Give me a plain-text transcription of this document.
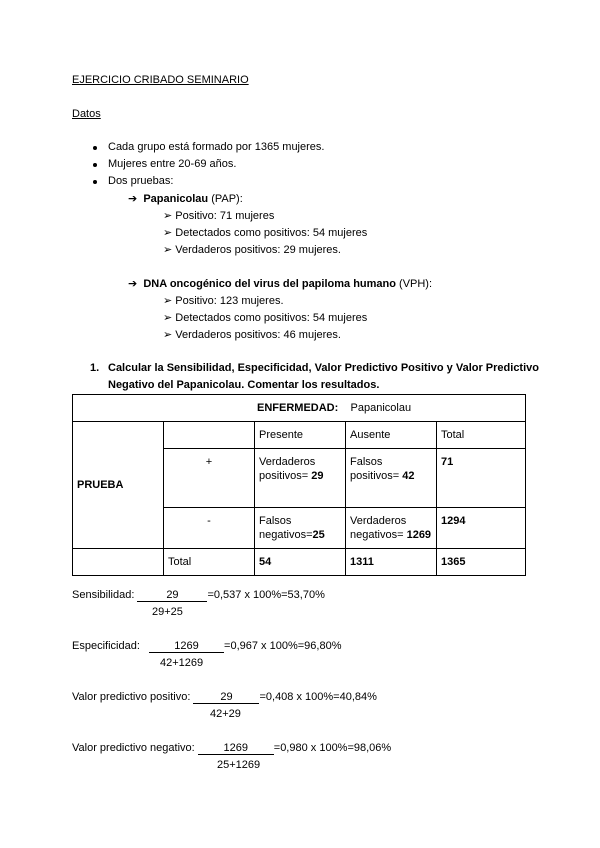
EJERCICIO CRIBADO SEMINARIO
Datos
Cada grupo está formado por 1365 mujeres.
Mujeres entre 20-69 años.
Dos pruebas:
➔ Papanicolau (PAP):
➢ Positivo: 71 mujeres
➢ Detectados como positivos: 54 mujeres
➢ Verdaderos positivos: 29 mujeres.
➔ DNA oncogénico del virus del papiloma humano (VPH):
➢ Positivo: 123 mujeres.
➢ Detectados como positivos: 54 mujeres
➢ Verdaderos positivos: 46 mujeres.
1. Calcular la Sensibilidad, Especificidad, Valor Predictivo Positivo y Valor Predictivo
Negativo del Papanicolau. Comentar los resultados.
ENFERMEDAD: Papanicolau				
PRUEBA		Presente	Ausente	Total
	+	Verdaderos positivos= 29	Falsos positivos= 42	71
	-	Falsos negativos=25	Verdaderos negativos= 1269	1294
	Total	54	1311	1365
Sensibilidad:	29	=0,537 x 100%=53,70%
29+25
Especificidad:	1269 =0,967 x 100%=96,80%
42+1269
Valor predictivo positivo:	29 =0,408 x 100%=40,84%
42+29
Valor predictivo negativo:	1269 =0,980 x 100%=98,06%
25+1269
